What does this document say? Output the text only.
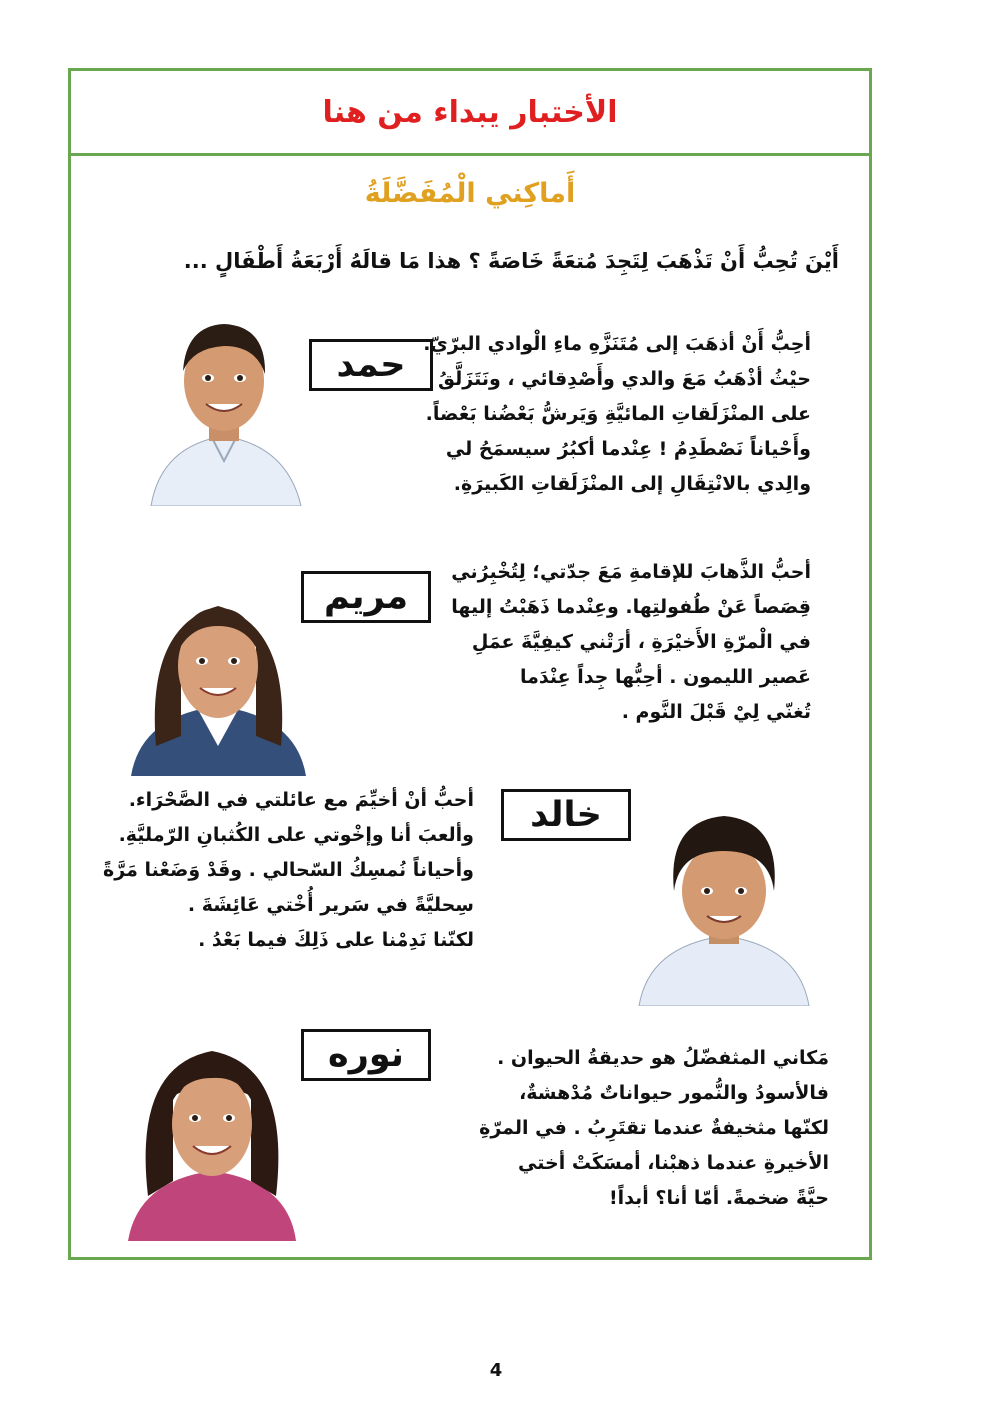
الأختبار يبداء من هنا
أَماكِني الْمُفَضَّلَةُ
أَيْنَ تُحِبُّ أَنْ تَذْهَبَ لِتَجِدَ مُتعَةً خَاصَةً ؟ هذا مَا قالَهُ أَرْبَعَةُ أَطْفَالٍ ...
حمد
أحِبُّ أَنْ أذهَبَ إلى مُتَنَزَّهِ ماءِ الْوادي البرّيّ.
حيْثُ أذْهَبُ مَعَ والدي وأَصْدِقائي ، ونَتَزَلَّقُ
على المنْزَلَقاتِ المائيَّةِ وَيَرشُّ بَعْضُنا بَعْضاً.
وأَحْياناً نَصْطَدِمُ ! عِنْدما أكبُرُ سيسمَحُ لي
والِدي بالانْتِقَالِ إلى المنْزَلَقاتِ الكَبيرَةِ.
مريم
أحبُّ الذَّهابَ للإقامةِ مَعَ جدّتي؛ لِتُخْبِرُني
قِصَصاً عَنْ طُفولتِها. وعِنْدما ذَهَبْتُ إليها
في الْمرّةِ الأَخيْرَةِ ، أرَتْني كيفِيَّةَ عمَلِ
عَصير الليمون . أحِبُّها جِداً عِنْدَما
تُغنّي لِيْ قَبْلَ النَّوم .
خالد
أحبُّ أنْ أخيِّمَ مع عائلتي في الصَّحْرَاء.
وألعبَ أنا وإخْوتي على الكُثبانِ الرّمليَّةِ.
وأحياناً نُمسِكُ السّحالي . وقَدْ وَضَعْنا مَرَّةً
سِحليَّةً في سَرير أُخْتي عَائِشَةَ .
لكنّنا نَدِمْنا على ذَلِكَ فيما بَعْدُ .
نوره	مَكاني المثفضّلُ هو حديقةُ الحيوان .
فالأسودُ والنُّمور حيواناتٌ مُدْهشةٌ،
لكنّها مثخيفةٌ عندما تقتَرِبُ . في المرّةِ
الأخيرةِ عندما ذهبْنا، أمسَكَتْ أختي
حيَّةً ضخمةً. أمّا أنا؟ أبداً!
4
